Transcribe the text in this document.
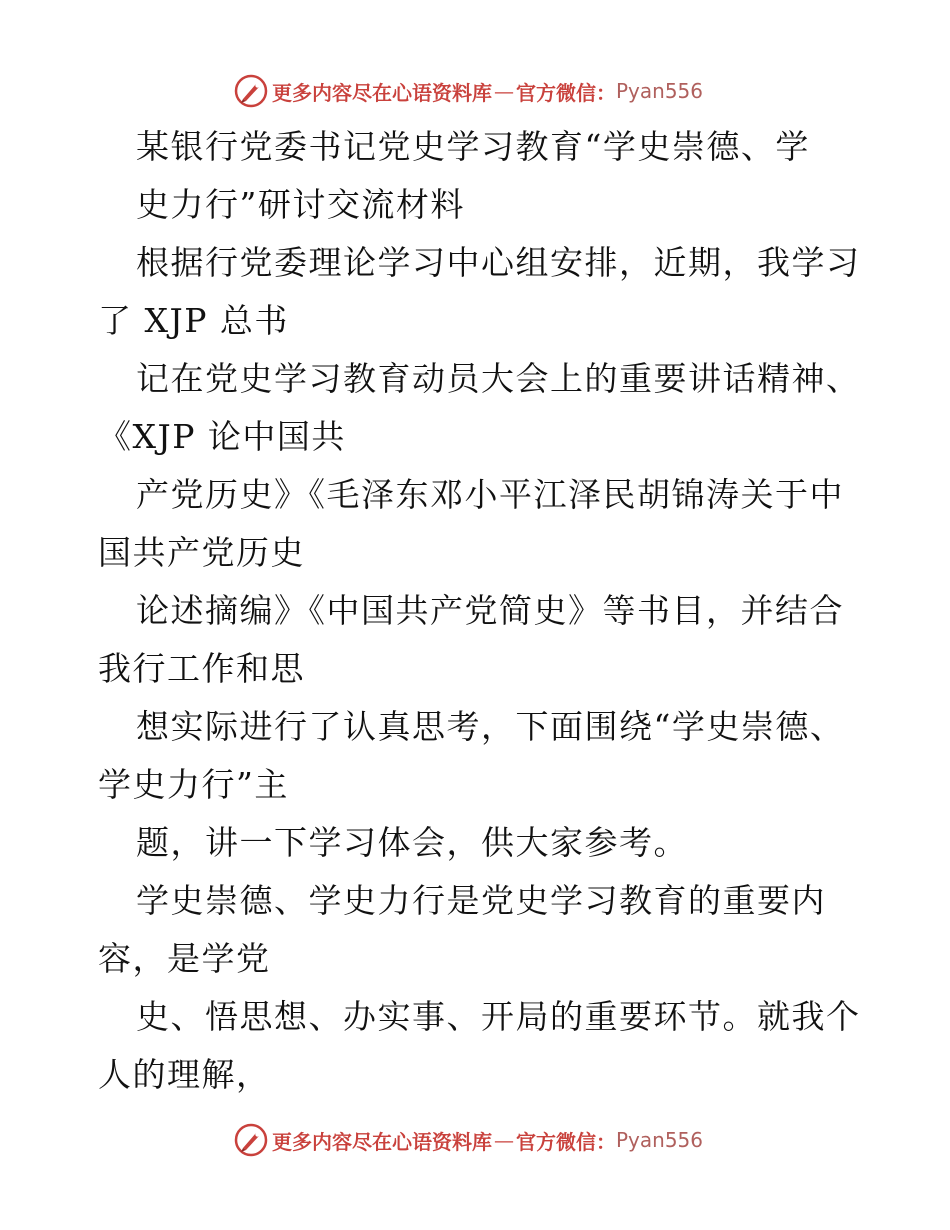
更多内容尽在心语资料库 — 官方微信： Pyan556
某银行党委书记党史学习教育“学史崇德、学
史力行”研讨交流材料
根据行党委理论学习中心组安排，近期，我学习
了 XJP 总书
记在党史学习教育动员大会上的重要讲话精神、
《XJP 论中国共
产党历史》《毛泽东邓小平江泽民胡锦涛关于中
国共产党历史
论述摘编》《中国共产党简史》等书目，并结合
我行工作和思
想实际进行了认真思考，下面围绕“学史崇德、
学史力行”主
题，讲一下学习体会，供大家参考。
学史崇德、学史力行是党史学习教育的重要内
容，是学党
史、悟思想、办实事、开局的重要环节。就我个
人的理解，
更多内容尽在心语资料库 — 官方微信： Pyan556
